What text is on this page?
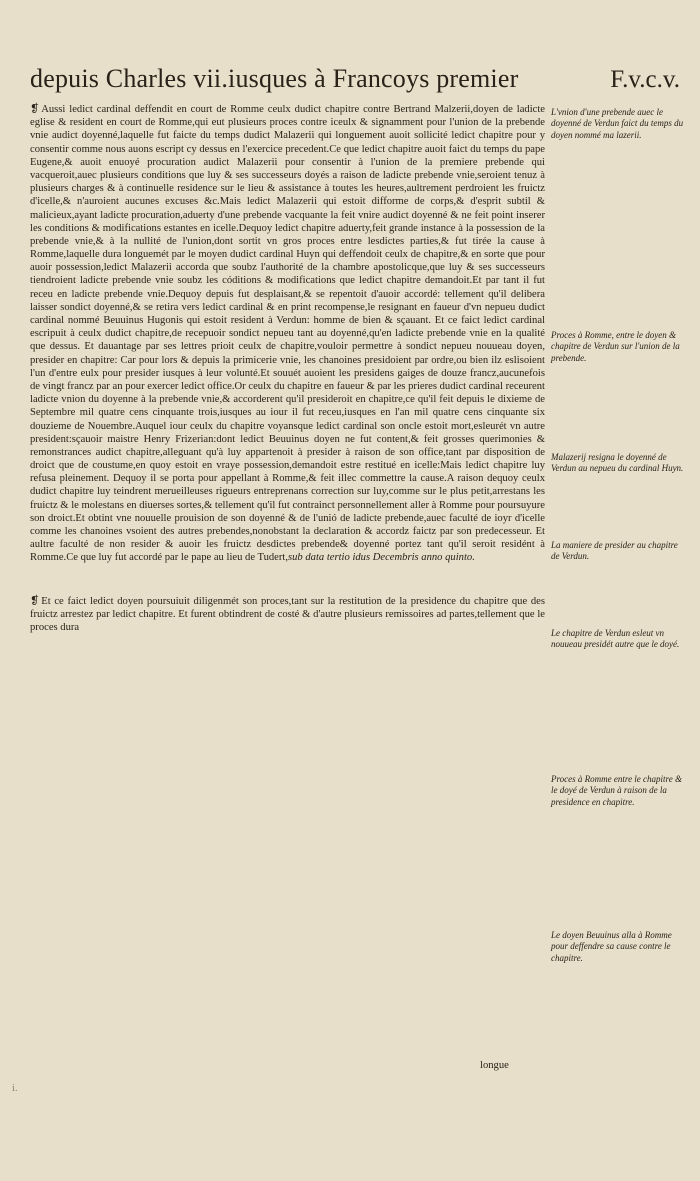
depuis Charles vii.iusques à Francoys premier	F.v.c.v.

❡ Aussi ledict cardinal deffendit en court de Romme ceulx dudict chapitre contre Bertrand Malzerii,doyen de ladicte eglise & resident en court de Romme,qui eut plusieurs proces contre iceulx & signamment pour l'union de la prebende vnie audict doyenné,laquelle fut faicte du temps dudict Malazerii qui longuement auoit sollicité ledict chapitre pour y consentir comme nous auons escript cy dessus en l'exercice precedent.Ce que ledict chapitre auoit faict du temps du pape Eugene,& auoit enuoyé procuration audict Malazerii pour consentir à l'union de la premiere prebende qui vacqueroit,auec plusieurs conditions que luy & ses successeurs doyés a raison de ladicte prebende vnie,seroient tenuz à plusieurs charges & à continuelle residence sur le lieu & assistance à toutes les heures,aultrement perdroient les fruictz d'icelle,& n'auroient aucunes excuses &c.Mais ledict Malazerii qui estoit difforme de corps,& d'esprit subtil & malicieux,ayant ladicte procuration,aduerty d'une prebende vacquante la feit vnire audict doyenné & ne feit point inserer les conditions & modifications estantes en icelle.Dequoy ledict chapitre aduerty,feit grande instance à la possession de la prebende vnie,& à la nullité de l'union,dont sortit vn gros proces entre lesdictes parties,& fut tirée la cause à Romme,laquelle dura longuemét par le moyen dudict cardinal Huyn qui deffendoit ceulx de chapitre,& en sorte que pour auoir possession,ledict Malazerii accorda que soubz l'authorité de la chambre apostolicque,que luy & ses successeurs tiendroient ladicte prebende vnie soubz les códitions & modifications que ledict chapitre demandoit.Et par tant il fut receu en ladicte prebende vnie.Dequoy depuis fut desplaisant,& se repentoit d'auoir accordé: tellement qu'il delibera laisser sondict doyenné,& se retira vers ledict cardinal & en print recompense,le resignant en faueur d'vn nepueu dudict cardinal nommé Beuuinus Hugonis qui estoit resident à Verdun: homme de bien & sçauant. Et ce faict ledict cardinal escripuit à ceulx dudict chapitre,de recepuoir sondict nepueu tant au doyenné,qu'en ladicte prebende vnie en la qualité que dessus. Et dauantage par ses lettres prioit ceulx de chapitre,vouloir permettre à sondict nepueu nouueau doyen, presider en chapitre: Car pour lors & depuis la primicerie vnie, les chanoines presidoient par ordre,ou bien ilz eslisoient l'un d'entre eulx pour presider iusques à leur volunté.Et souuét auoient les presidens gaiges de douze francz,aucunefois de vingt francz par an pour exercer ledict office.Or ceulx du chapitre en faueur & par les prieres dudict cardinal receurent ladicte vnion du doyenne à la prebende vnie,& accorderent qu'il presideroit en chapitre,ce qu'il feit depuis le dixieme de Septembre mil quatre cens cinquante trois,iusques au iour il fut receu,iusques en l'an mil quatre cens cinquante six douzieme de Nouembre.Auquel iour ceulx du chapitre voyansque ledict cardinal son oncle estoit mort,esleurét vn autre president:sçauoir maistre Henry Frizerian:dont ledict Beuuinus doyen ne fut content,& feit grosses querimonies & remonstrances audict chapitre,alleguant qu'à luy appartenoit à presider à raison de son office,tant par disposition de droict que de coustume,en quoy estoit en vraye possession,demandoit estre restitué en icelle:Mais ledict chapitre luy refusa pleinement. Dequoy il se porta pour appellant à Romme,& feit illec commettre la cause.A raison dequoy ceulx dudict chapitre luy teindrent merueilleuses rigueurs entreprenans correction sur luy,comme sur le plus petit,arrestans les fruictz & le molestans en diuerses sortes,& tellement qu'il fut contrainct personnellement aller à Romme pour poursuyure son droict.Et obtint vne nouuelle prouision de son doyenné & de l'unió de ladicte prebende,auec faculté de ioyr d'icelle comme les chanoines vsoient des autres prebendes,nonobstant la declaration & accordz faictz par son predecesseur. Et aultre faculté de non resider & auoir les fruictz desdictes prebende& doyenné portez tant qu'il seroit residént à Romme.Ce que luy fut accordé par le pape au lieu de Tudert,sub data tertio idus Decembris anno quinto.

❡ Et ce faict ledict doyen poursuiuit diligenmét son proces,tant sur la restitution de la presidence du chapitre que des fruictz arrestez par ledict chapitre. Et furent obtindrent de costé & d'autre plusieurs remissoires ad partes,tellement que le proces dura

longue
L'vnion d'une prebende auec le doyenné de Verdun faict du temps du doyen nommé ma lazerii.
Proces à Romme, entre le doyen & chapitre de Verdun sur l'union de la prebende.
Malazerij resigna le doyenné de Verdun au nepueu du cardinal Huyn.
La maniere de presider au chapitre de Verdun.
Le chapitre de Verdun esleut vn nouueau presidét autre que le doyé.
Proces à Romme entre le chapitre & le doyé de Verdun à raison de la presidence en chapitre.
Le doyen Beuuinus alla à Romme pour deffendre sa cause contre le chapitre.
i.
